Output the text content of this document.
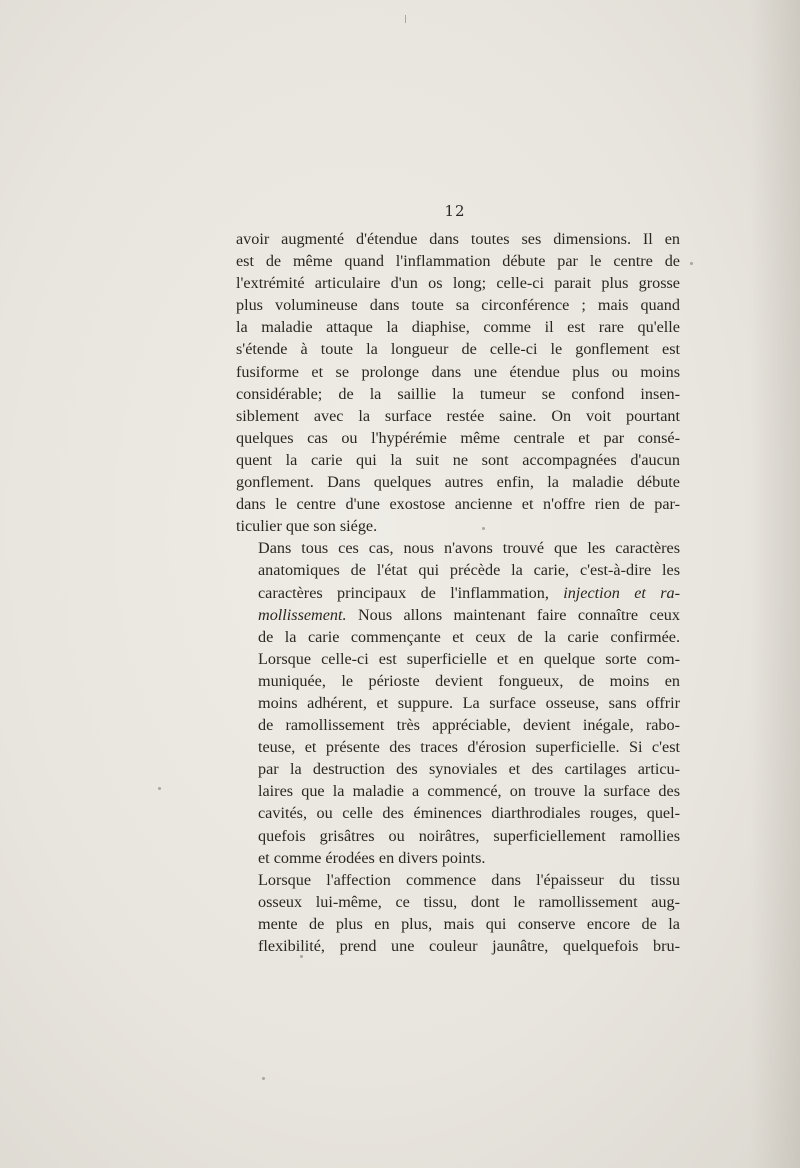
12

avoir augmenté d'étendue dans toutes ses dimensions. Il en
est de même quand l'inflammation débute par le centre de
l'extrémité articulaire d'un os long; celle-ci parait plus grosse
plus volumineuse dans toute sa circonférence ; mais quand
la maladie attaque la diaphise, comme il est rare qu'elle
s'étende à toute la longueur de celle-ci le gonflement est
fusiforme et se prolonge dans une étendue plus ou moins
considérable; de la saillie la tumeur se confond insen-
siblement avec la surface restée saine. On voit pourtant
quelques cas ou l'hypérémie même centrale et par consé-
quent la carie qui la suit ne sont accompagnées d'aucun
gonflement. Dans quelques autres enfin, la maladie débute
dans le centre d'une exostose ancienne et n'offre rien de par-
ticulier que son siége.

Dans tous ces cas, nous n'avons trouvé que les caractères
anatomiques de l'état qui précède la carie, c'est-à-dire les
caractères principaux de l'inflammation, injection et ra-
mollissement. Nous allons maintenant faire connaître ceux
de la carie commençante et ceux de la carie confirmée.
Lorsque celle-ci est superficielle et en quelque sorte com-
muniquée, le périoste devient fongueux, de moins en
moins adhérent, et suppure. La surface osseuse, sans offrir
de ramollissement très appréciable, devient inégale, rabo-
teuse, et présente des traces d'érosion superficielle. Si c'est
par la destruction des synoviales et des cartilages articu-
laires que la maladie a commencé, on trouve la surface des
cavités, ou celle des éminences diarthrodiales rouges, quel-
quefois grisâtres ou noirâtres, superficiellement ramollies
et comme érodées en divers points.

Lorsque l'affection commence dans l'épaisseur du tissu
osseux lui-même, ce tissu, dont le ramollissement aug-
mente de plus en plus, mais qui conserve encore de la
flexibilité, prend une couleur jaunâtre, quelquefois bru-
